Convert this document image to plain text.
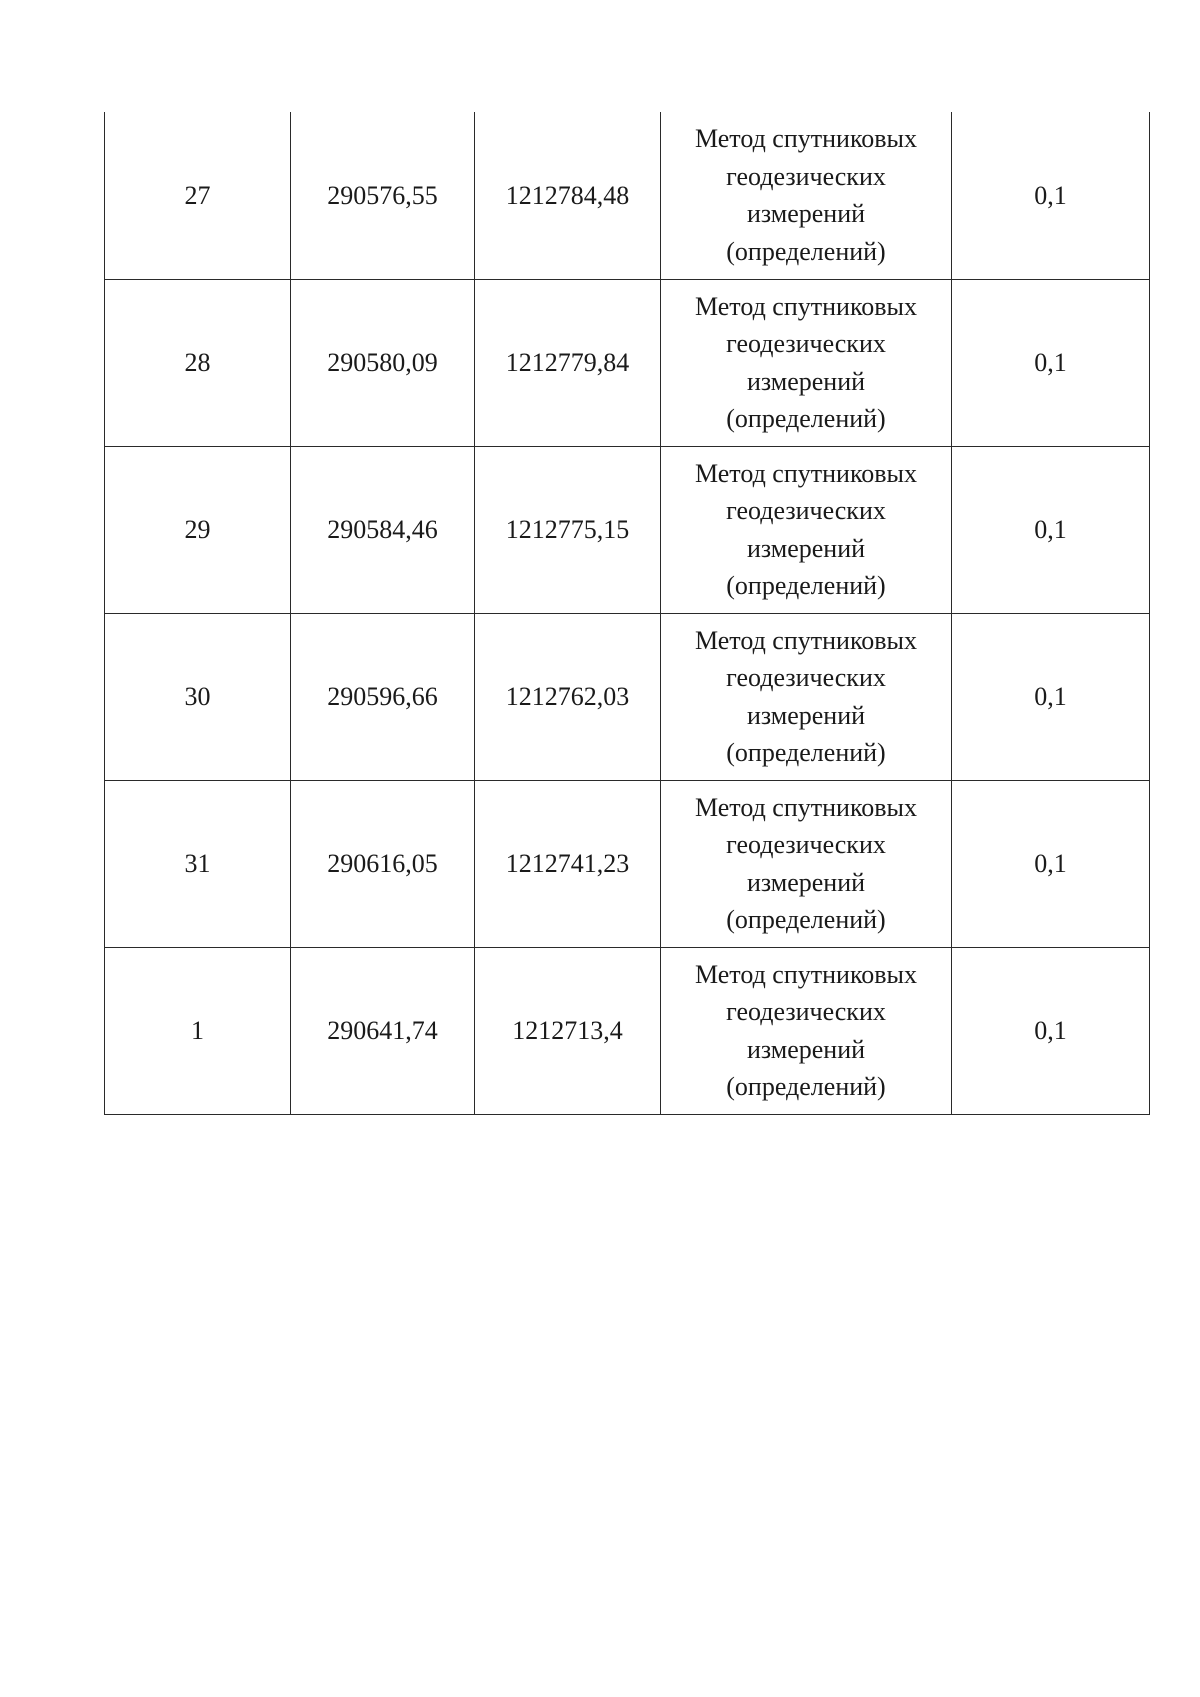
27	290576,55	1212784,48	Метод спутниковых
геодезических
измерений
(определений)	0,1
28	290580,09	1212779,84	Метод спутниковых
геодезических
измерений
(определений)	0,1
29	290584,46	1212775,15	Метод спутниковых
геодезических
измерений
(определений)	0,1
30	290596,66	1212762,03	Метод спутниковых
геодезических
измерений
(определений)	0,1
31	290616,05	1212741,23	Метод спутниковых
геодезических
измерений
(определений)	0,1
1	290641,74	1212713,4	Метод спутниковых
геодезических
измерений
(определений)	0,1
